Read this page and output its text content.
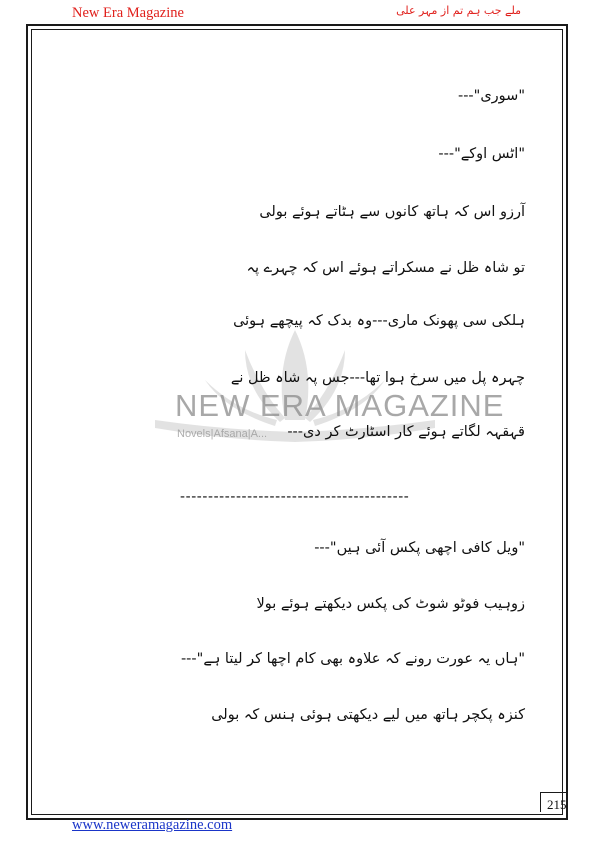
New Era Magazine	ملے جب ہم تم از مہر علی
NEW ERA MAGAZINE
Novels|Afsana|A...
"سوری"---
"اٹس اوکے"---
آرزو اس کہ ہاتھ کانوں سے ہٹاتے ہوئے بولی
تو شاہ ظل نے مسکراتے ہوئے اس کہ چہرے پہ
ہلکی سی پھونک ماری---وہ بدک کہ پیچھے ہوئی
چہرہ پل میں سرخ ہوا تھا---جس پہ شاہ ظل نے
قہقہہ لگاتے ہوئے کار اسٹارٹ کر دی---
-----------------------------------------
"ویل کافی اچھی پکس آئی ہیں"---
زوہیب فوٹو شوٹ کی پکس دیکھتے ہوئے بولا
"ہاں یہ عورت رونے کہ علاوہ بھی کام اچھا کر لیتا ہے"---
کنزہ پکچر ہاتھ میں لیے دیکھتی ہوئی ہنس کہ بولی
215
www.neweramagazine.com
